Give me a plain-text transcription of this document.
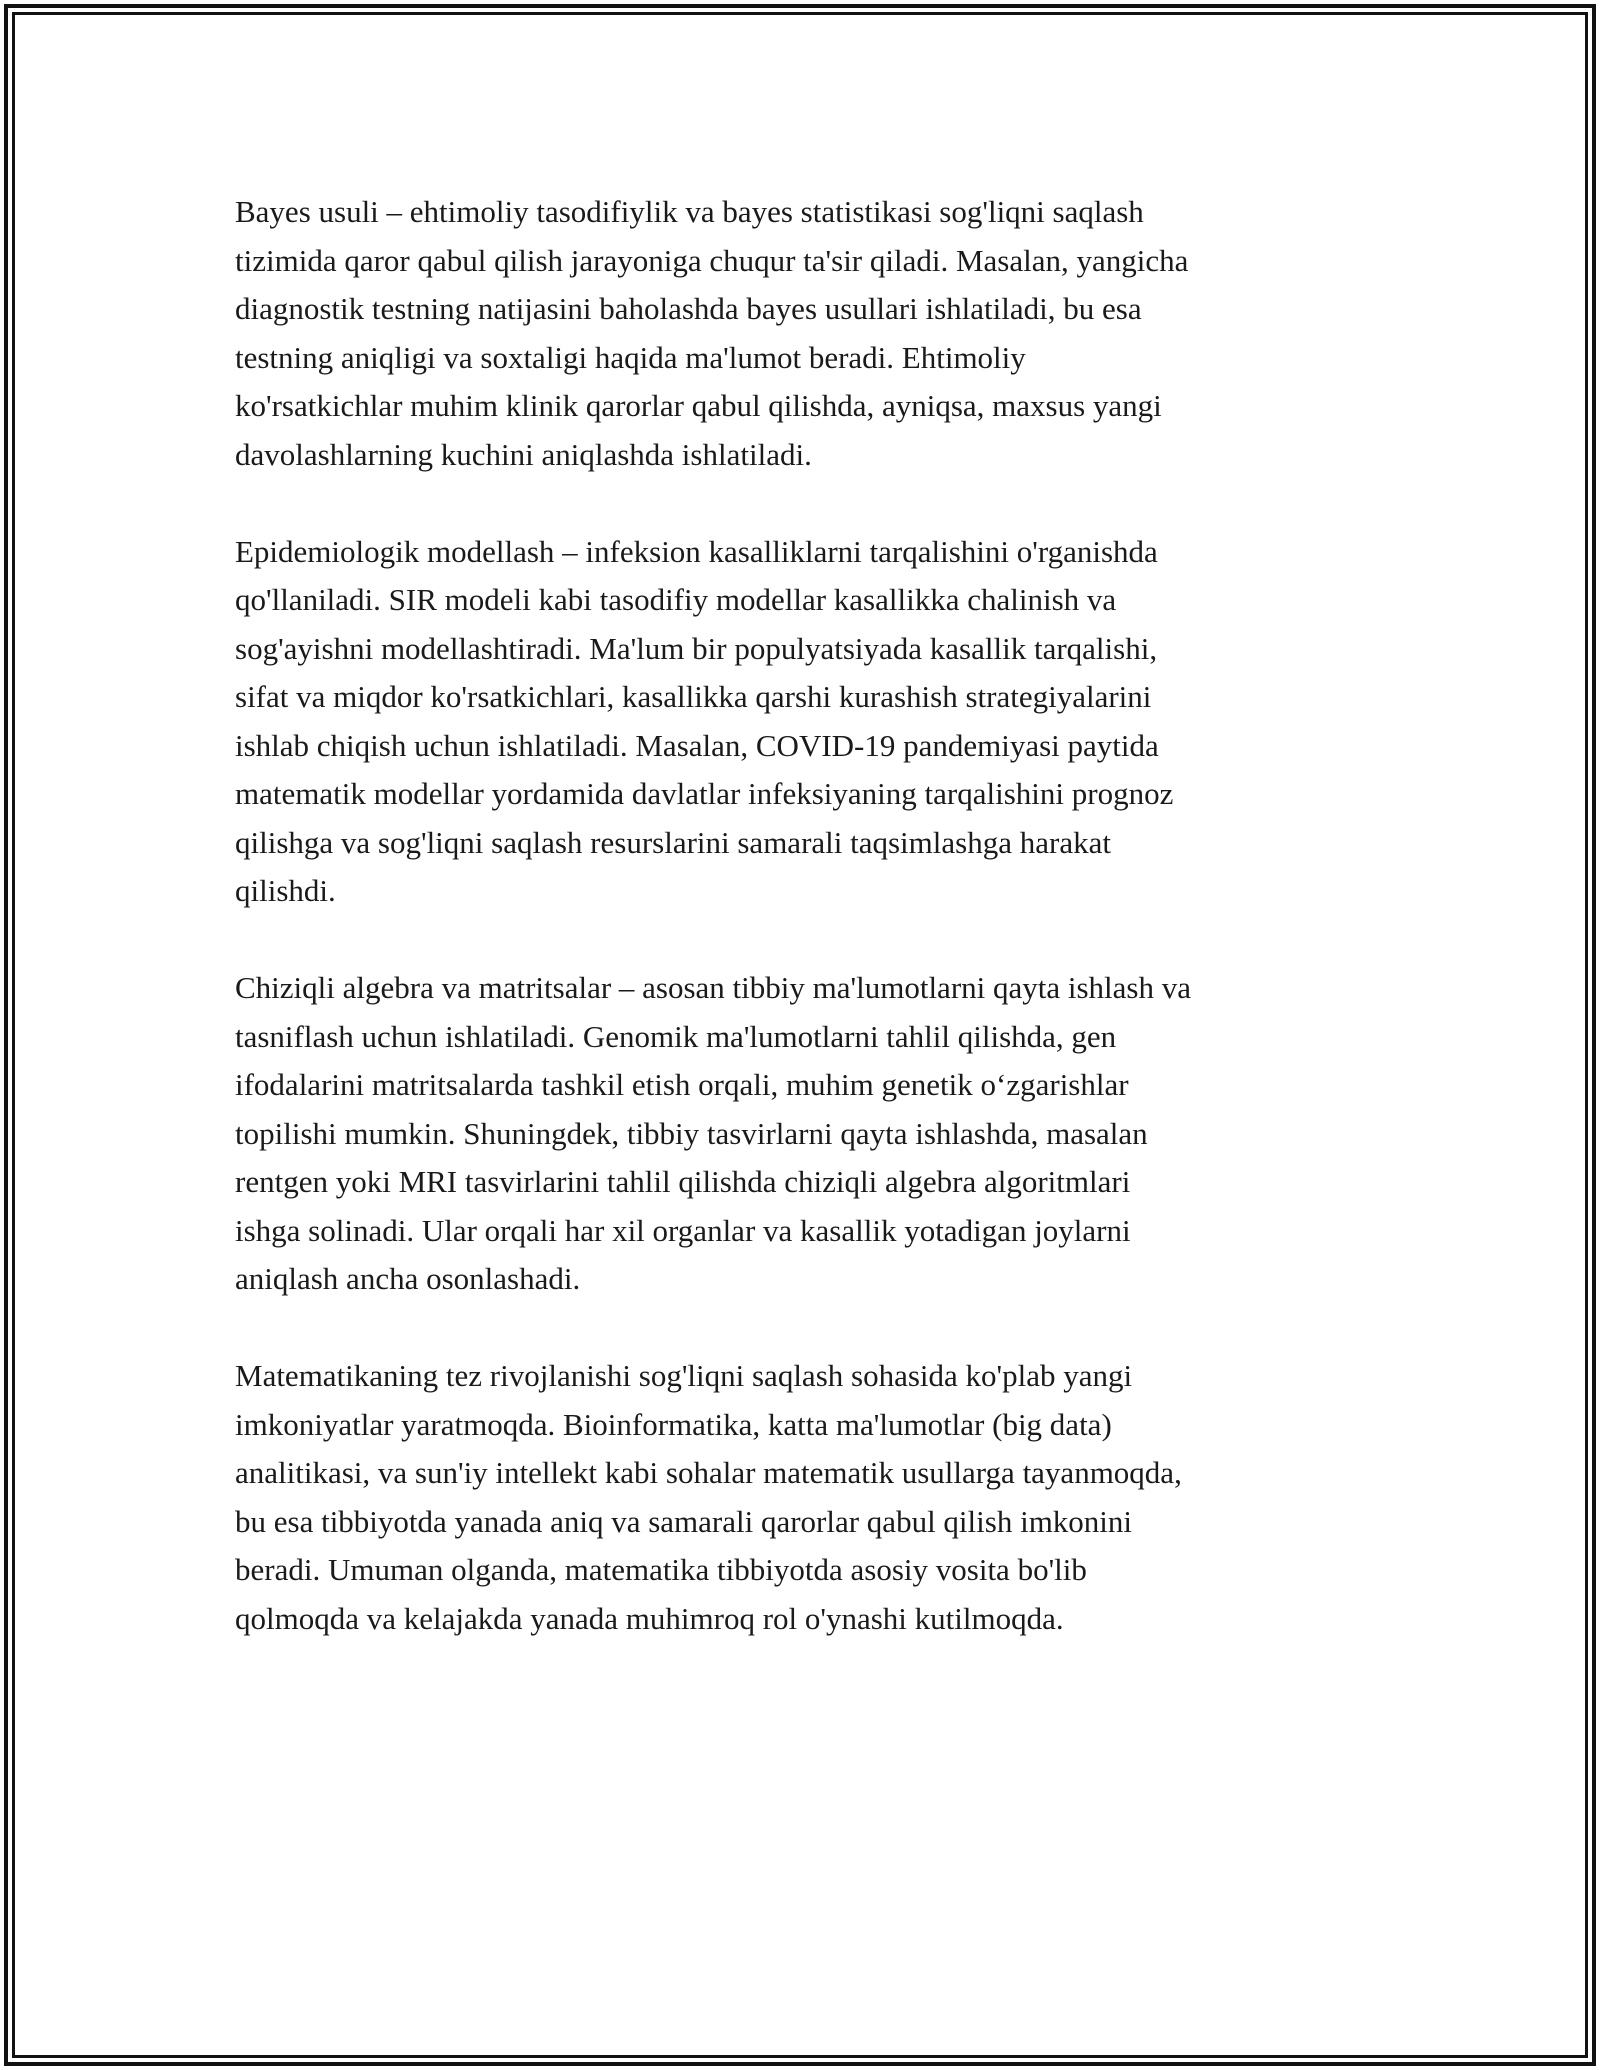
Bayes usuli – ehtimoliy tasodifiylik va bayes statistikasi sog'liqni saqlash
tizimida qaror qabul qilish jarayoniga chuqur ta'sir qiladi. Masalan, yangicha
diagnostik testning natijasini baholashda bayes usullari ishlatiladi, bu esa
testning aniqligi va soxtaligi haqida ma'lumot beradi. Ehtimoliy
ko'rsatkichlar muhim klinik qarorlar qabul qilishda, ayniqsa, maxsus yangi
davolashlarning kuchini aniqlashda ishlatiladi.

Epidemiologik modellash – infeksion kasalliklarni tarqalishini o'rganishda
qo'llaniladi. SIR modeli kabi tasodifiy modellar kasallikka chalinish va
sog'ayishni modellashtiradi. Ma'lum bir populyatsiyada kasallik tarqalishi,
sifat va miqdor ko'rsatkichlari, kasallikka qarshi kurashish strategiyalarini
ishlab chiqish uchun ishlatiladi. Masalan, COVID-19 pandemiyasi paytida
matematik modellar yordamida davlatlar infeksiyaning tarqalishini prognoz
qilishga va sog'liqni saqlash resurslarini samarali taqsimlashga harakat
qilishdi.

Chiziqli algebra va matritsalar – asosan tibbiy ma'lumotlarni qayta ishlash va
tasniflash uchun ishlatiladi. Genomik ma'lumotlarni tahlil qilishda, gen
ifodalarini matritsalarda tashkil etish orqali, muhim genetik o‘zgarishlar
topilishi mumkin. Shuningdek, tibbiy tasvirlarni qayta ishlashda, masalan
rentgen yoki MRI tasvirlarini tahlil qilishda chiziqli algebra algoritmlari
ishga solinadi. Ular orqali har xil organlar va kasallik yotadigan joylarni
aniqlash ancha osonlashadi.

Matematikaning tez rivojlanishi sog'liqni saqlash sohasida ko'plab yangi
imkoniyatlar yaratmoqda. Bioinformatika, katta ma'lumotlar (big data)
analitikasi, va sun'iy intellekt kabi sohalar matematik usullarga tayanmoqda,
bu esa tibbiyotda yanada aniq va samarali qarorlar qabul qilish imkonini
beradi. Umuman olganda, matematika tibbiyotda asosiy vosita bo'lib
qolmoqda va kelajakda yanada muhimroq rol o'ynashi kutilmoqda.
